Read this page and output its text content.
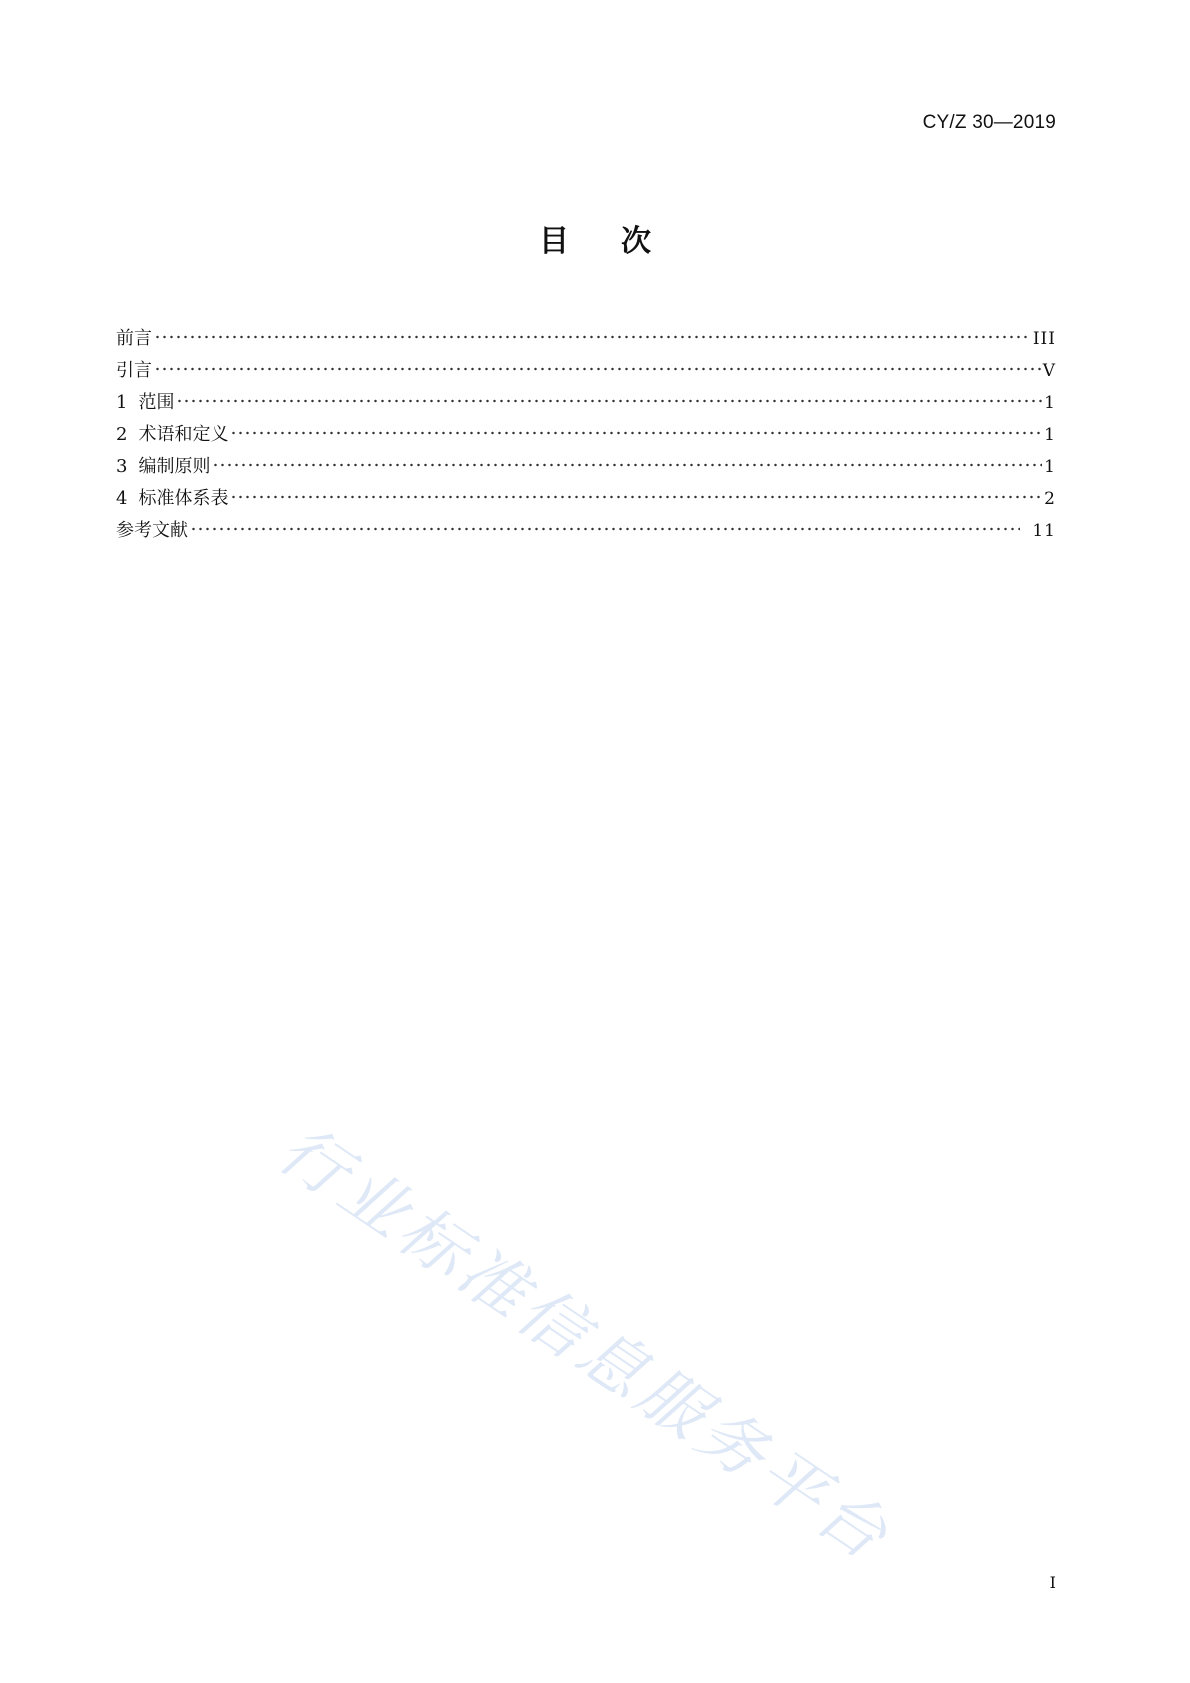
CY/Z 30—2019
目次
前言	III
引言	V
1 范围	1
2 术语和定义	1
3 编制原则	1
4 标准体系表	2
参考文献	11
行业标准信息服务平台
I
